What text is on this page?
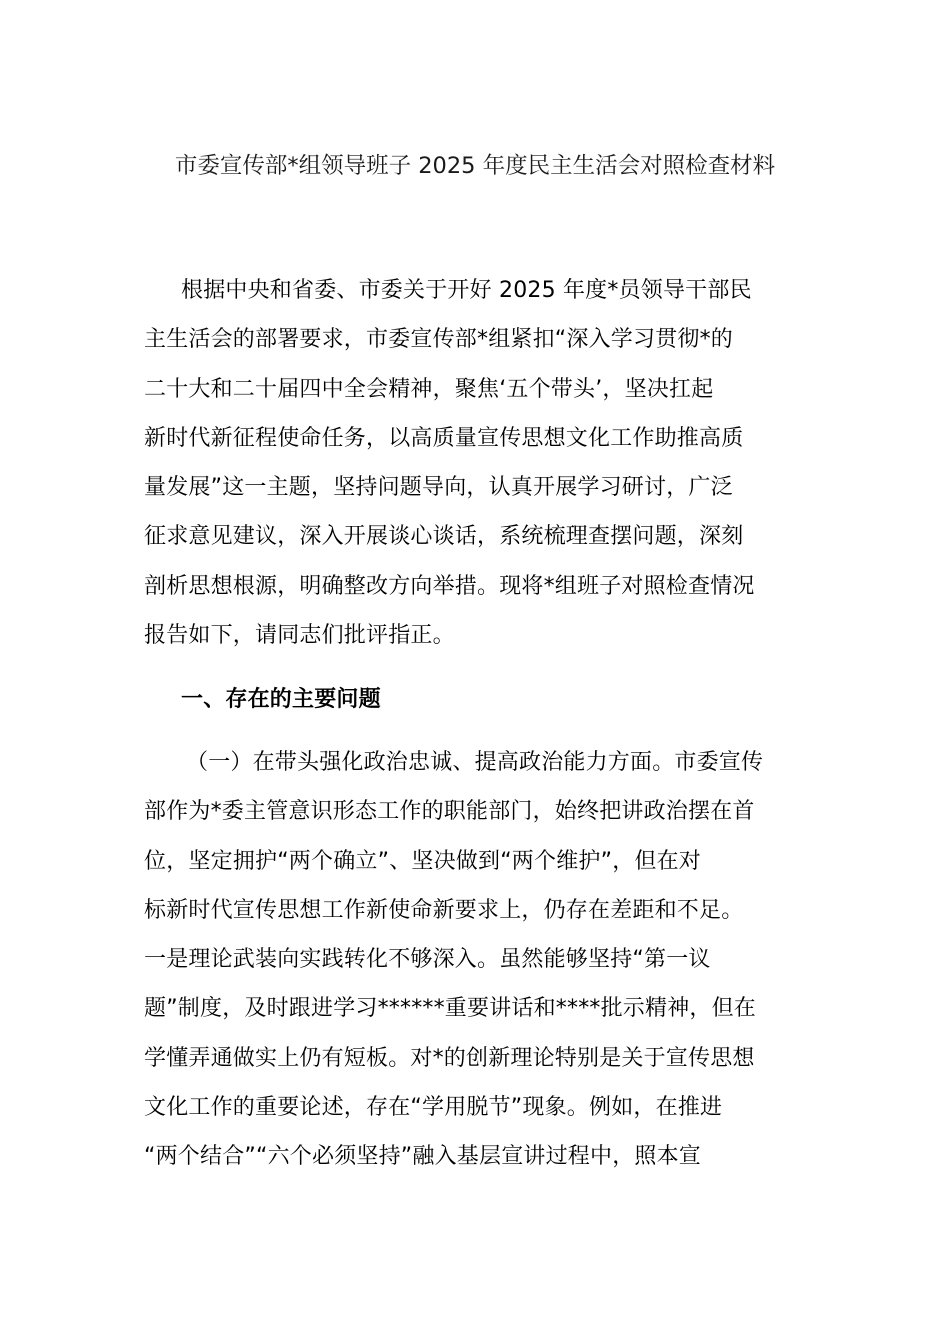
市委宣传部*组领导班子 2025 年度民主生活会对照检查材料
根据中央和省委、市委关于开好 2025 年度*员领导干部民
主生活会的部署要求，市委宣传部*组紧扣“深入学习贯彻*的
二十大和二十届四中全会精神，聚焦‘五个带头’，坚决扛起
新时代新征程使命任务，以高质量宣传思想文化工作助推高质
量发展”这一主题，坚持问题导向，认真开展学习研讨，广泛
征求意见建议，深入开展谈心谈话，系统梳理查摆问题，深刻
剖析思想根源，明确整改方向举措。现将*组班子对照检查情况
报告如下，请同志们批评指正。
一、存在的主要问题
（一）在带头强化政治忠诚、提高政治能力方面。市委宣传
部作为*委主管意识形态工作的职能部门，始终把讲政治摆在首
位，坚定拥护“两个确立”、坚决做到“两个维护”，但在对
标新时代宣传思想工作新使命新要求上，仍存在差距和不足。
一是理论武装向实践转化不够深入。虽然能够坚持“第一议
题”制度，及时跟进学习******重要讲话和****批示精神，但在
学懂弄通做实上仍有短板。对*的创新理论特别是关于宣传思想
文化工作的重要论述，存在“学用脱节”现象。例如，在推进
“两个结合”“六个必须坚持”融入基层宣讲过程中，照本宣
